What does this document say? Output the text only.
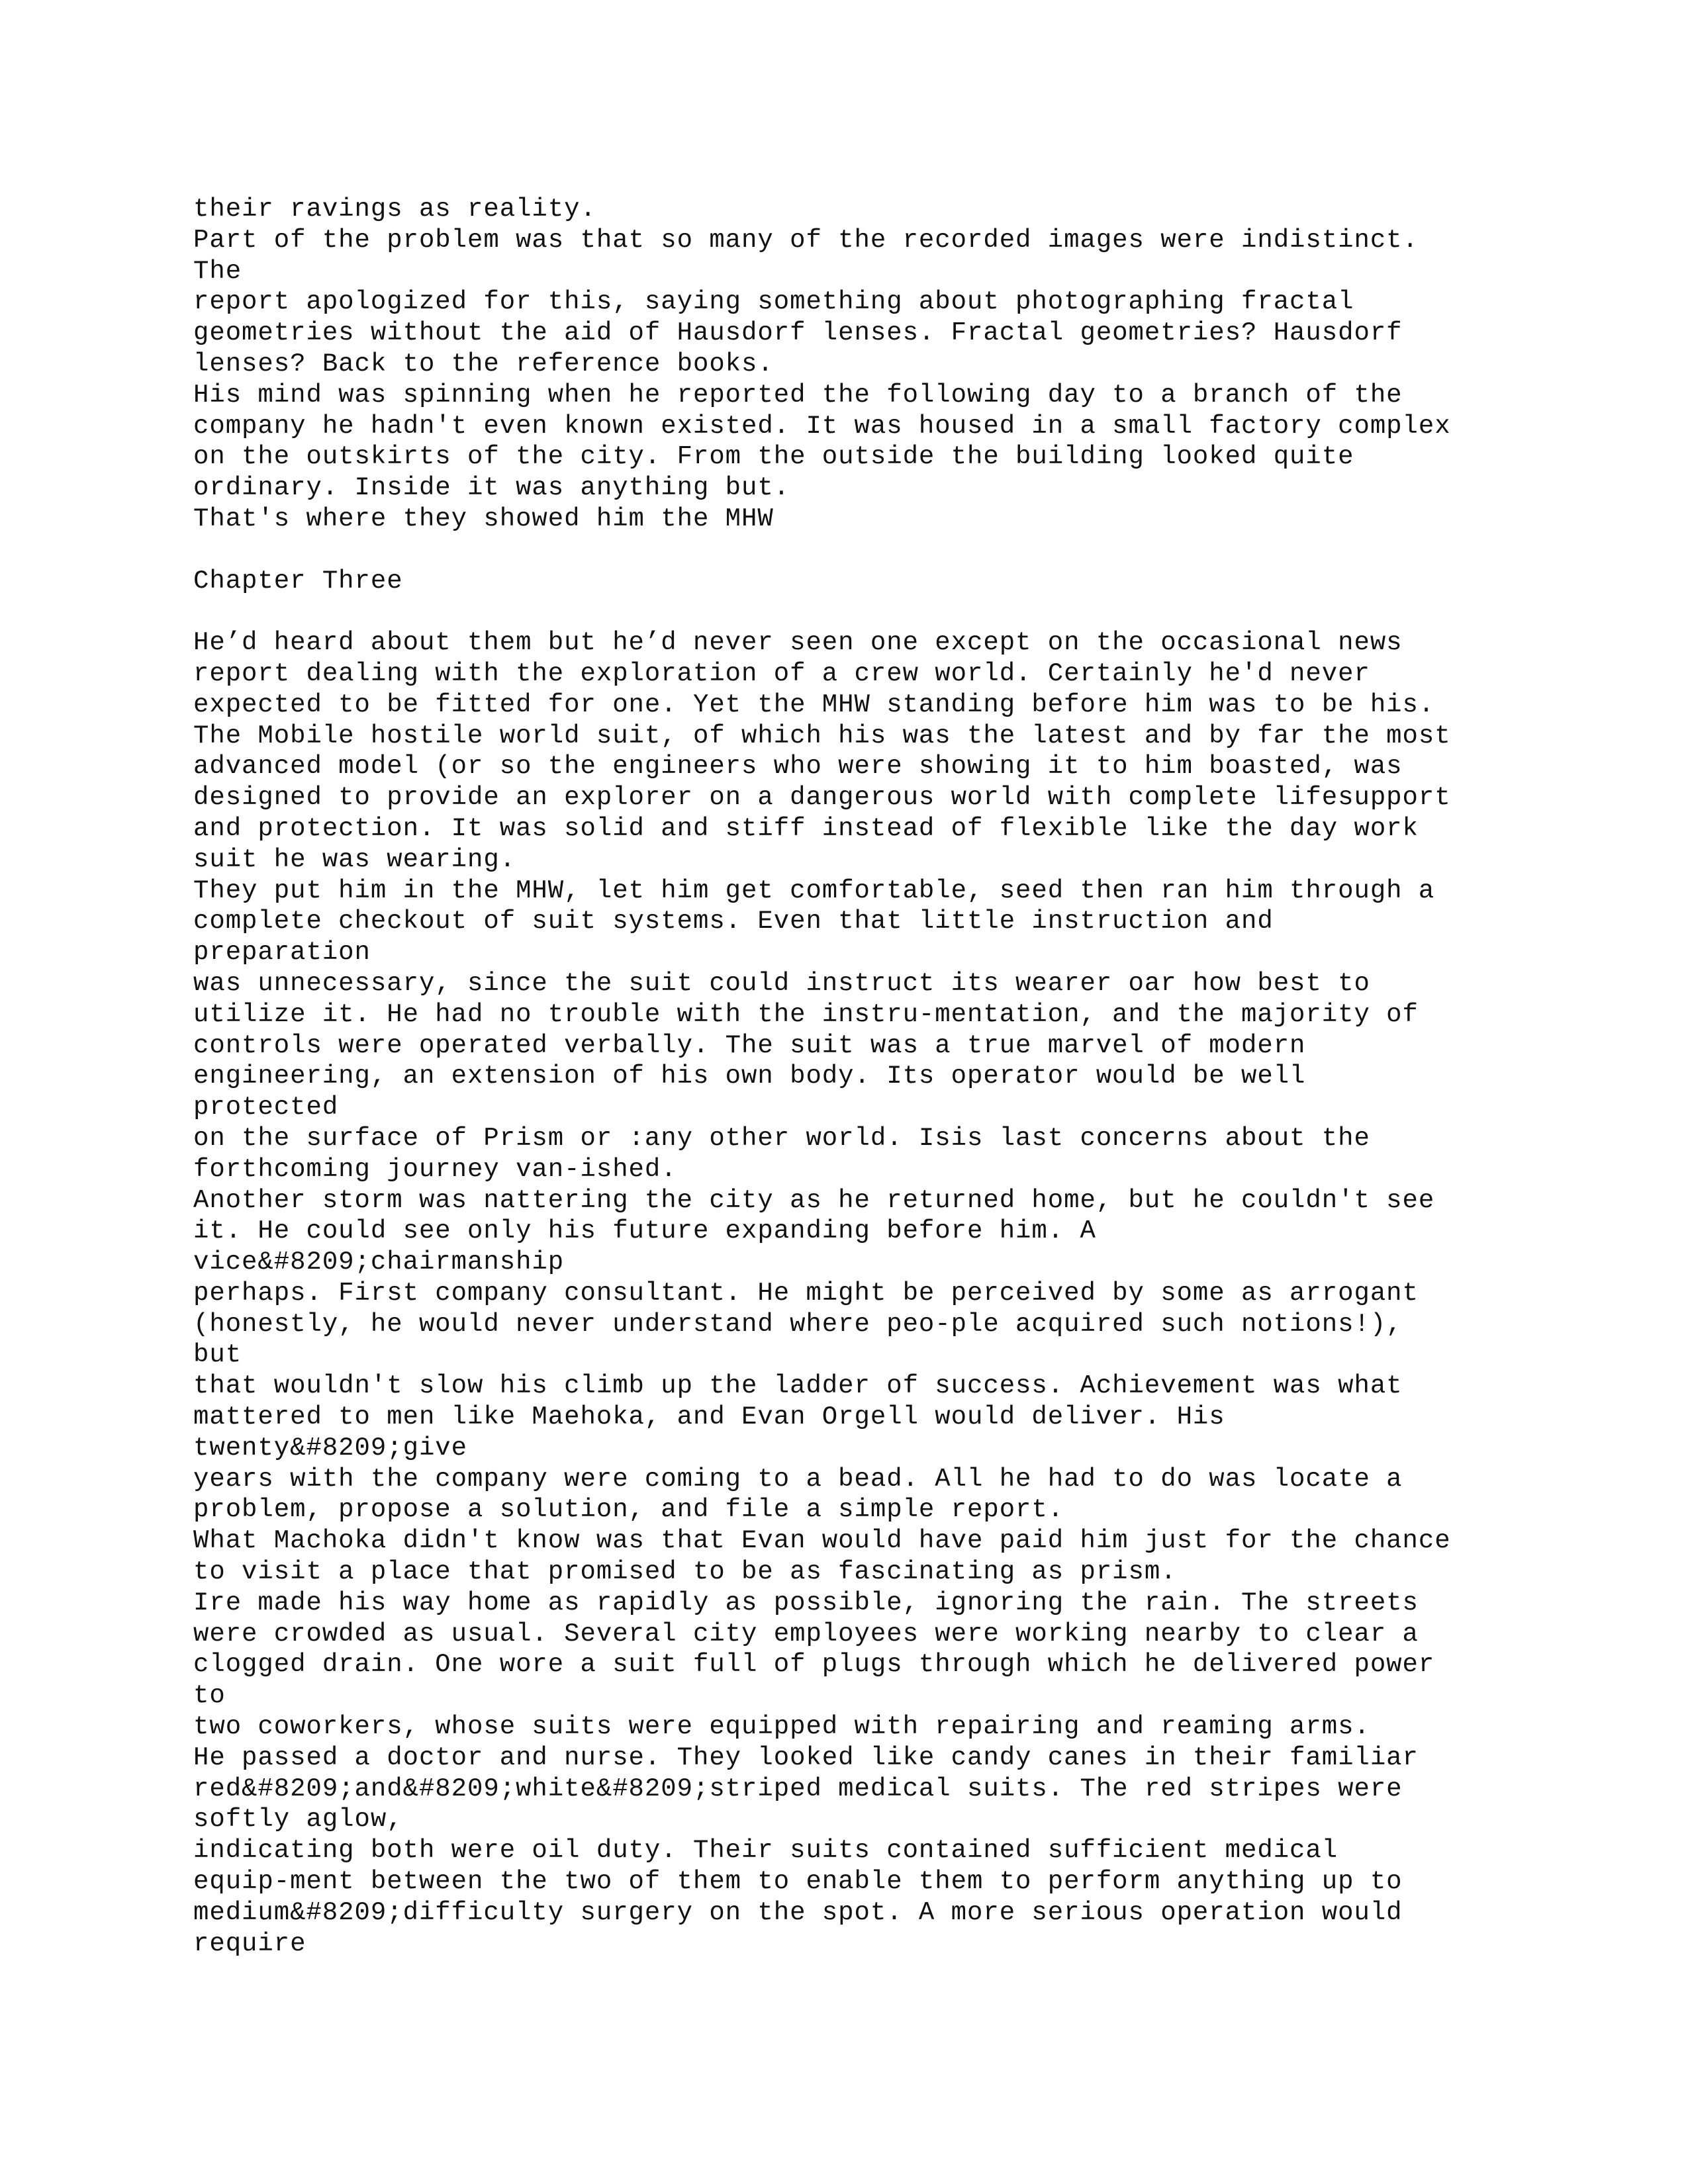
their ravings as reality.
Part of the problem was that so many of the recorded images were indistinct.
The
report apologized for this, saying something about photographing fractal
geometries without the aid of Hausdorf lenses. Fractal geometries? Hausdorf
lenses? Back to the reference books.
His mind was spinning when he reported the following day to a branch of the
company he hadn't even known existed. It was housed in a small factory complex
on the outskirts of the city. From the outside the building looked quite
ordinary. Inside it was anything but.
That's where they showed him the MHW
Chapter Three
He’d heard about them but he’d never seen one except on the occasional news
report dealing with the exploration of a crew world. Certainly he'd never
expected to be fitted for one. Yet the MHW standing before him was to be his.
The Mobile hostile world suit, of which his was the latest and by far the most
advanced model (or so the engineers who were showing it to him boasted, was
designed to provide an explorer on a dangerous world with complete lifesupport
and protection. It was solid and stiff instead of flexible like the day work
suit he was wearing.
They put him in the MHW, let him get comfortable, seed then ran him through a
complete checkout of suit systems. Even that little instruction and
preparation
was unnecessary, since the suit could instruct its wearer oar how best to
utilize it. He had no trouble with the instru-mentation, and the majority of
controls were operated verbally. The suit was a true marvel of modern
engineering, an extension of his own body. Its operator would be well
protected
on the surface of Prism or :any other world. Isis last concerns about the
forthcoming journey van-ished.
Another storm was nattering the city as he returned home, but he couldn't see
it. He could see only his future expanding before him. A
vice&#8209;chairmanship
perhaps. First company consultant. He might be perceived by some as arrogant
(honestly, he would never understand where peo-ple acquired such notions!),
but
that wouldn't slow his climb up the ladder of success. Achievement was what
mattered to men like Maehoka, and Evan Orgell would deliver. His
twenty&#8209;give
years with the company were coming to a bead. All he had to do was locate a
problem, propose a solution, and file a simple report.
What Machoka didn't know was that Evan would have paid him just for the chance
to visit a place that promised to be as fascinating as prism.
Ire made his way home as rapidly as possible, ignoring the rain. The streets
were crowded as usual. Several city employees were working nearby to clear a
clogged drain. One wore a suit full of plugs through which he delivered power
to
two coworkers, whose suits were equipped with repairing and reaming arms.
He passed a doctor and nurse. They looked like candy canes in their familiar
red&#8209;and&#8209;white&#8209;striped medical suits. The red stripes were
softly aglow,
indicating both were oil duty. Their suits contained sufficient medical
equip-ment between the two of them to enable them to perform anything up to
medium&#8209;difficulty surgery on the spot. A more serious operation would
require
